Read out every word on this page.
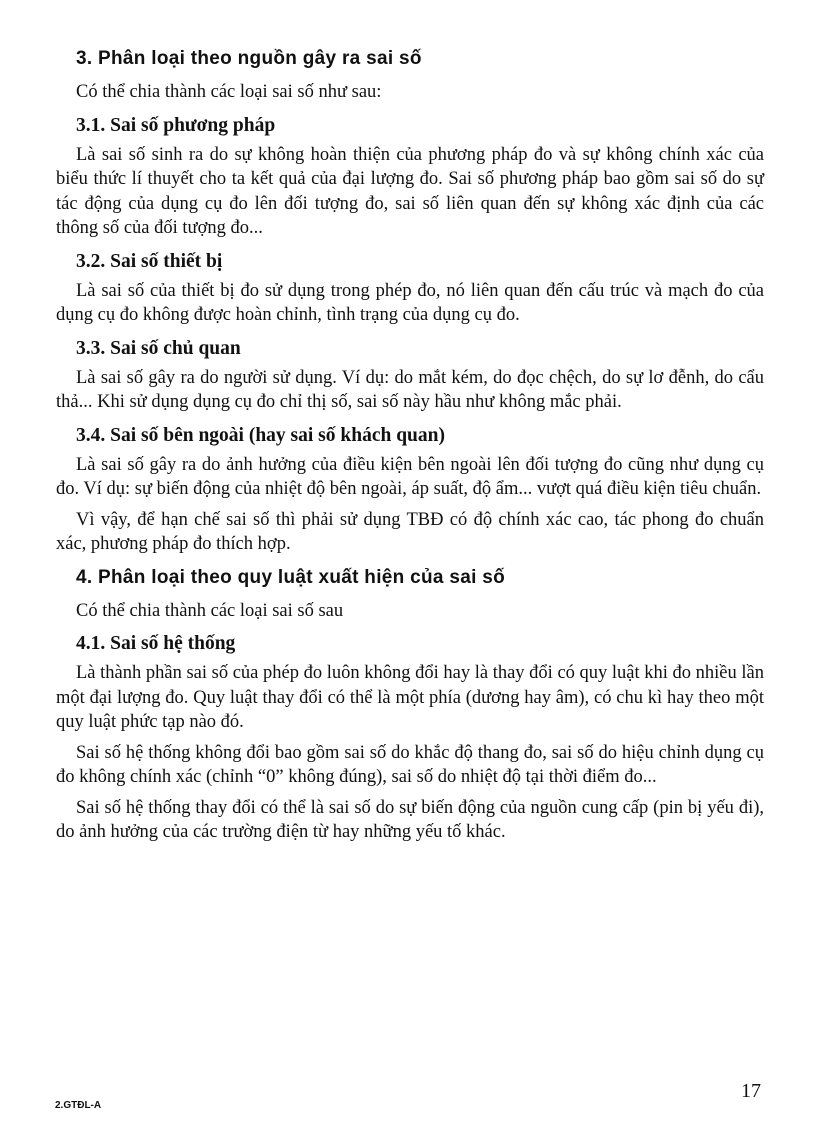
3. Phân loại theo nguồn gây ra sai số
Có thể chia thành các loại sai số như sau:
3.1. Sai số phương pháp
Là sai số sinh ra do sự không hoàn thiện của phương pháp đo và sự không chính xác của biểu thức lí thuyết cho ta kết quả của đại lượng đo. Sai số phương pháp bao gồm sai số do sự tác động của dụng cụ đo lên đối tượng đo, sai số liên quan đến sự không xác định của các thông số của đối tượng đo...
3.2. Sai số thiết bị
Là sai số của thiết bị đo sử dụng trong phép đo, nó liên quan đến cấu trúc và mạch đo của dụng cụ đo không được hoàn chỉnh, tình trạng của dụng cụ đo.
3.3. Sai số chủ quan
Là sai số gây ra do người sử dụng. Ví dụ: do mắt kém, do đọc chệch, do sự lơ đễnh, do cẩu thả... Khi sử dụng dụng cụ đo chỉ thị số, sai số này hầu như không mắc phải.
3.4. Sai số bên ngoài (hay sai số khách quan)
Là sai số gây ra do ảnh hưởng của điều kiện bên ngoài lên đối tượng đo cũng như dụng cụ đo. Ví dụ: sự biến động của nhiệt độ bên ngoài, áp suất, độ ẩm... vượt quá điều kiện tiêu chuẩn.
Vì vậy, để hạn chế sai số thì phải sử dụng TBĐ có độ chính xác cao, tác phong đo chuẩn xác, phương pháp đo thích hợp.
4. Phân loại theo quy luật xuất hiện của sai số
Có thể chia thành các loại sai số sau
4.1. Sai số hệ thống
Là thành phần sai số của phép đo luôn không đổi hay là thay đổi có quy luật khi đo nhiều lần một đại lượng đo. Quy luật thay đổi có thể là một phía (dương hay âm), có chu kì hay theo một quy luật phức tạp nào đó.
Sai số hệ thống không đổi bao gồm sai số do khắc độ thang đo, sai số do hiệu chỉnh dụng cụ đo không chính xác (chỉnh “0” không đúng), sai số do nhiệt độ tại thời điểm đo...
Sai số hệ thống thay đổi có thể là sai số do sự biến động của nguồn cung cấp (pin bị yếu đi), do ảnh hưởng của các trường điện từ hay những yếu tố khác.
2.GTĐL-A
17
